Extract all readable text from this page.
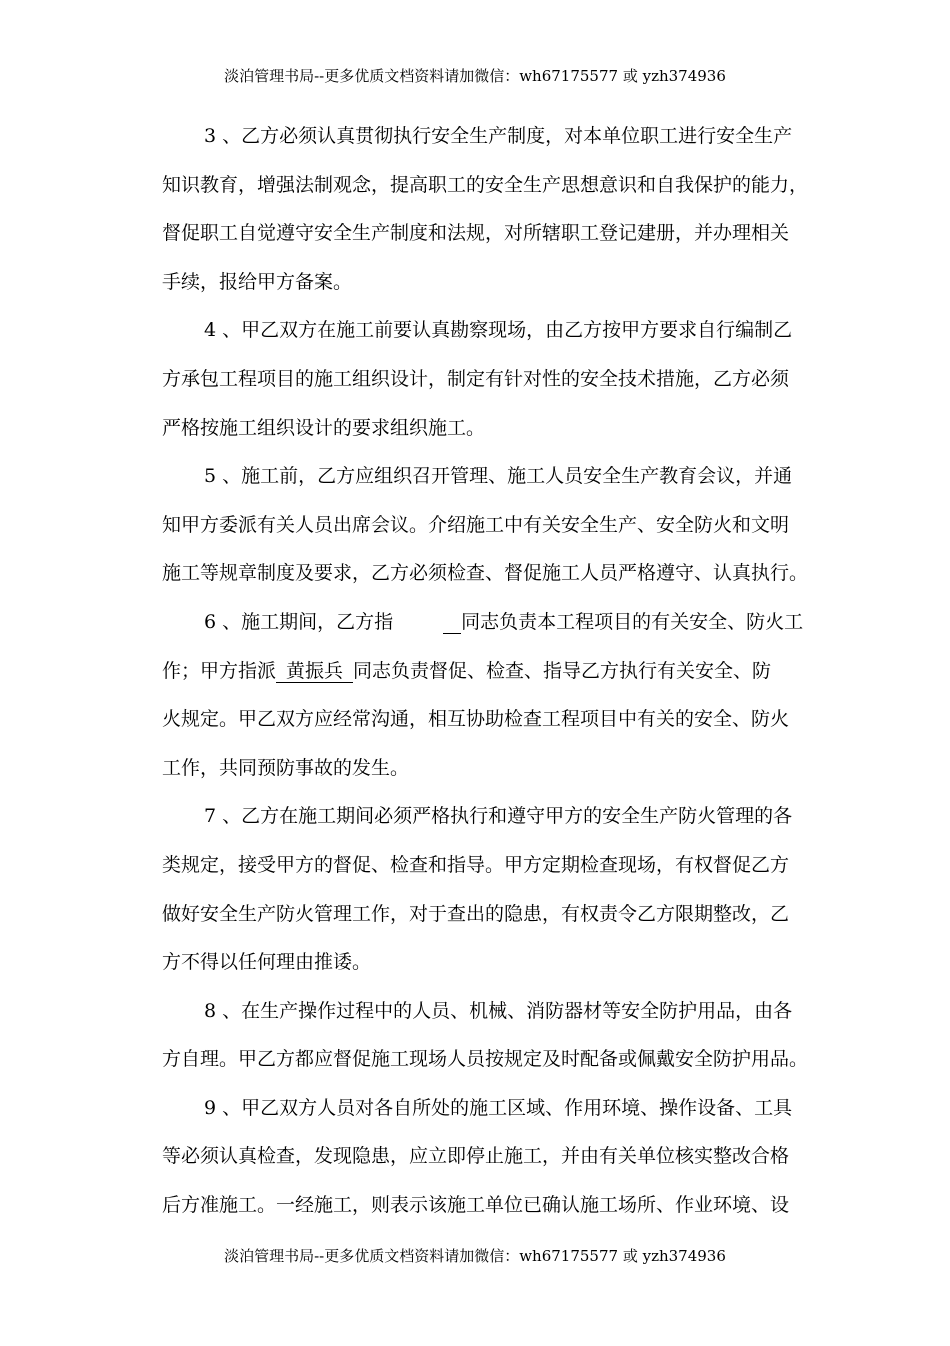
淡泊管理书局--更多优质文档资料请加微信：wh67175577 或 yzh374936
3 、乙方必须认真贯彻执行安全生产制度，对本单位职工进行安全生产
知识教育，增强法制观念，提高职工的安全生产思想意识和自我保护的能力，
督促职工自觉遵守安全生产制度和法规，对所辖职工登记建册，并办理相关
手续，报给甲方备案。
4 、甲乙双方在施工前要认真勘察现场，由乙方按甲方要求自行编制乙
方承包工程项目的施工组织设计，制定有针对性的安全技术措施，乙方必须
严格按施工组织设计的要求组织施工。
5 、施工前，乙方应组织召开管理、施工人员安全生产教育会议，并通
知甲方委派有关人员出席会议。介绍施工中有关安全生产、安全防火和文明
施工等规章制度及要求，乙方必须检查、督促施工人员严格遵守、认真执行。
6 、施工期间，乙方指	同志负责本工程项目的有关安全、防火工
作；甲方指派 黄振兵 同志负责督促、检查、指导乙方执行有关安全、防
火规定。甲乙双方应经常沟通，相互协助检查工程项目中有关的安全、防火
工作，共同预防事故的发生。
7 、乙方在施工期间必须严格执行和遵守甲方的安全生产防火管理的各
类规定，接受甲方的督促、检查和指导。甲方定期检查现场，有权督促乙方
做好安全生产防火管理工作，对于查出的隐患，有权责令乙方限期整改，乙
方不得以任何理由推诿。
8 、在生产操作过程中的人员、机械、消防器材等安全防护用品，由各
方自理。甲乙方都应督促施工现场人员按规定及时配备或佩戴安全防护用品。
9 、甲乙双方人员对各自所处的施工区域、作用环境、操作设备、工具
等必须认真检查，发现隐患，应立即停止施工，并由有关单位核实整改合格
后方准施工。一经施工，则表示该施工单位已确认施工场所、作业环境、设
淡泊管理书局--更多优质文档资料请加微信：wh67175577 或 yzh374936
